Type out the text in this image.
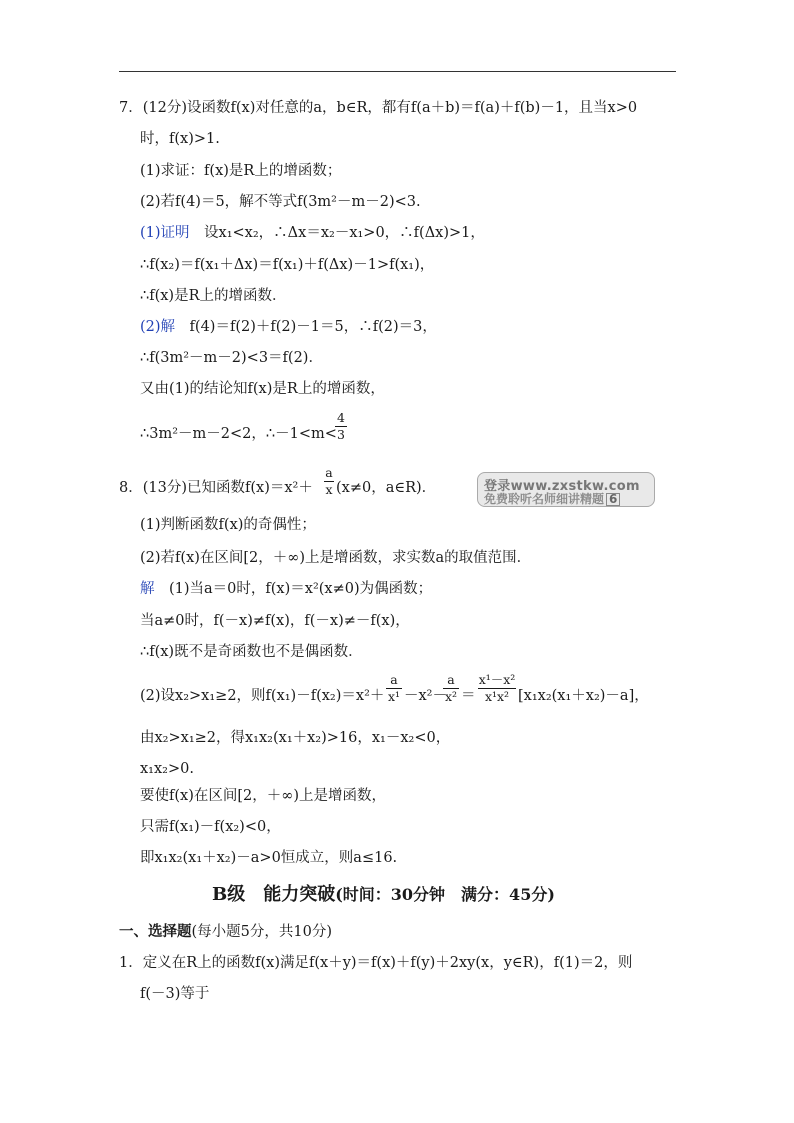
7．(12分)设函数f(x)对任意的a，b∈R，都有f(a＋b)＝f(a)＋f(b)－1，且当x>0
时，f(x)>1.
(1)求证：f(x)是R上的增函数；
(2)若f(4)＝5，解不等式f(3m²－m－2)<3.
(1)证明　 设x₁<x₂，∴Δx＝x₂－x₁>0，∴f(Δx)>1，
∴f(x₂)＝f(x₁＋Δx)＝f(x₁)＋f(Δx)－1>f(x₁)，
∴f(x)是R上的增函数．
(2)解　 f(4)＝f(2)＋f(2)－1＝5，∴f(2)＝3，
∴f(3m²－m－2)<3＝f(2)．
又由(1)的结论知f(x)是R上的增函数，
∴3m²－m－2<2，∴－1<m<
4
3
8．(13分)已知函数f(x)＝x²＋
a
x (x≠0，a∈R)．	登录www.zxstkw.com
免费聆听名师细讲精题 6
(1)判断函数f(x)的奇偶性；
(2)若f(x)在区间[2，＋∞)上是增函数，求实数a的取值范围．
解　 (1)当a＝0时，f(x)＝x²(x≠0)为偶函数；
当a≠0时，f(－x)≠f(x)，f(－x)≠－f(x)，
∴f(x)既不是奇函数也不是偶函数．
(2)设x₂>x₁≥2，则f(x₁)－f(x₂)＝x²＋
a
x¹ －x²－
a
x² ＝
x¹－x²
x¹x² [x₁x₂(x₁＋x₂)－a]，
由x₂>x₁≥2，得x₁x₂(x₁＋x₂)>16，x₁－x₂<0，
x₁x₂>0.
要使f(x)在区间[2，＋∞)上是增函数，
只需f(x₁)－f(x₂)<0，
即x₁x₂(x₁＋x₂)－a>0恒成立，则a≤16.
B级　能力突破(时间：30分钟　满分：45分)
一、选择题(每小题5分，共10分)
1．定义在R上的函数f(x)满足f(x＋y)＝f(x)＋f(y)＋2xy(x，y∈R)，f(1)＝2，则
f(－3)等于
